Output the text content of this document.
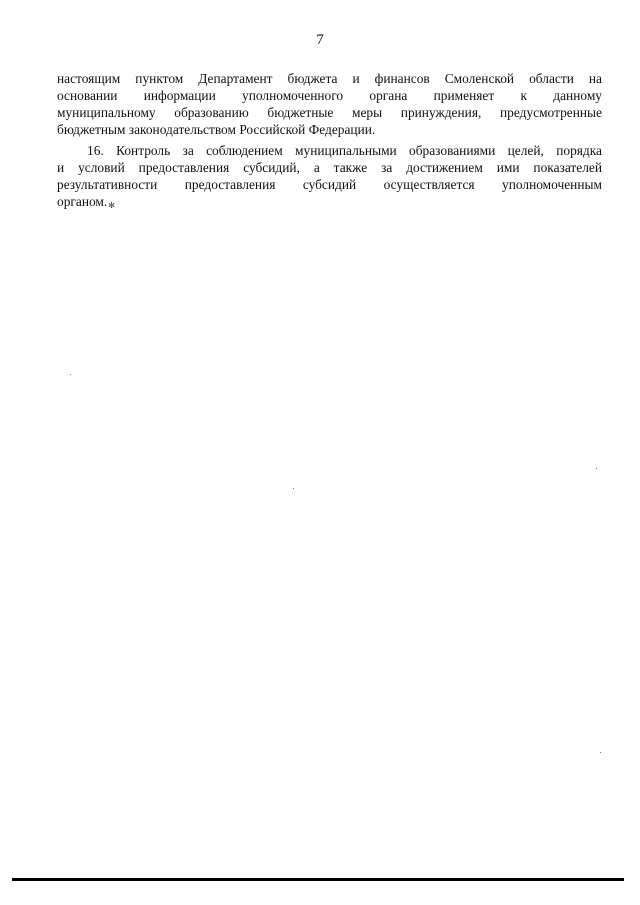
7
настоящим пунктом Департамент бюджета и финансов Смоленской области на
основании информации уполномоченного органа применяет к данному
муниципальному образованию бюджетные меры принуждения, предусмотренные
бюджетным законодательством Российской Федерации.
16. Контроль за соблюдением муниципальными образованиями целей, порядка
и условий предоставления субсидий, а также за достижением ими показателей
результативности предоставления субсидий осуществляется уполномоченным
органом.✻
